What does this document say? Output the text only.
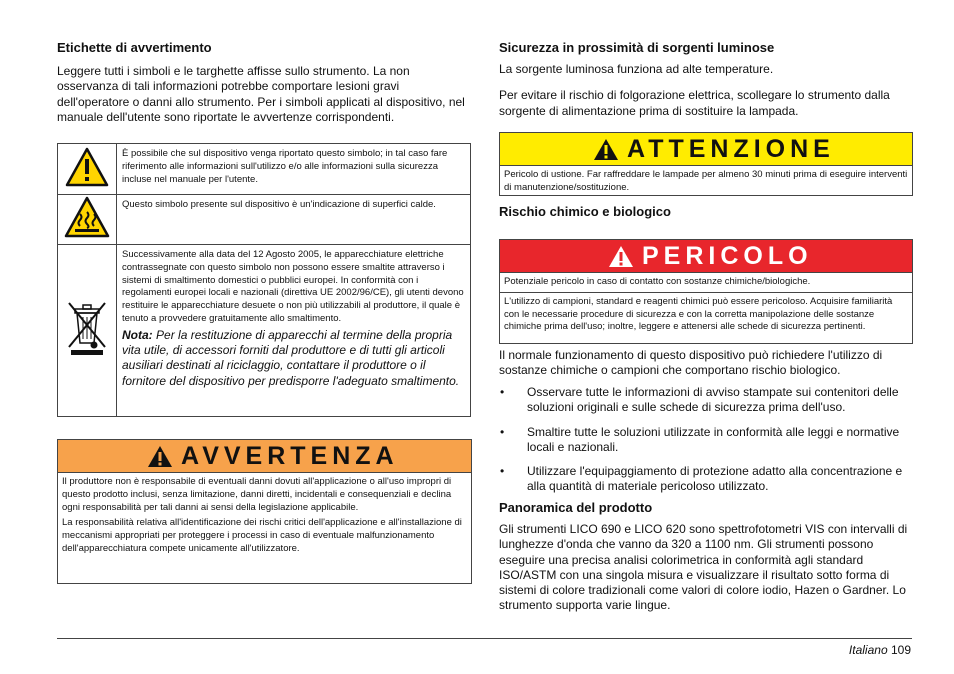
Etichette di avvertimento

Leggere tutti i simboli e le targhette affisse sullo strumento. La non osservanza di tali informazioni potrebbe comportare lesioni gravi dell'operatore o danni allo strumento. Per i simboli applicati al dispositivo, nel manuale dell'utente sono riportate le avvertenze corrispondenti.

	È possibile che sul dispositivo venga riportato questo simbolo; in tal caso fare riferimento alle informazioni sull'utilizzo e/o alle informazioni sulla sicurezza incluse nel manuale per l'utente.
	Questo simbolo presente sul dispositivo è un'indicazione di superfici calde.

Successivamente alla data del 12 Agosto 2005, le apparecchiature elettriche contrassegnate con questo simbolo non possono essere smaltite attraverso i sistemi di smaltimento domestici o pubblici europei. In conformità con i regolamenti europei locali e nazionali (direttiva UE 2002/96/CE), gli utenti devono restituire le apparecchiature desuete o non più utilizzabili al produttore, il quale è tenuto a provvedere gratuitamente allo smaltimento.
Nota: Per la restituzione di apparecchi al termine della propria vita utile, di accessori forniti dal produttore e di tutti gli articoli ausiliari destinati al riciclaggio, contattare il produttore o il fornitore del dispositivo per predisporre l'adeguato smaltimento.
AVVERTENZA
Il produttore non è responsabile di eventuali danni dovuti all'applicazione o all'uso impropri di questo prodotto inclusi, senza limitazione, danni diretti, incidentali e consequenziali e declina ogni responsabilità per tali danni ai sensi della legislazione applicabile.
La responsabilità relativa all'identificazione dei rischi critici dell'applicazione e all'installazione di meccanismi appropriati per proteggere i processi in caso di eventuale malfunzionamento dell'apparecchiatura compete unicamente all'utilizzatore.
Sicurezza in prossimità di sorgenti luminose

La sorgente luminosa funziona ad alte temperature.

Per evitare il rischio di folgorazione elettrica, scollegare lo strumento dalla sorgente di alimentazione prima di sostituire la lampada.

ATTENZIONE
Pericolo di ustione. Far raffreddare le lampade per almeno 30 minuti prima di eseguire interventi di manutenzione/sostituzione.
Rischio chimico e biologico
PERICOLO
Potenziale pericolo in caso di contatto con sostanze chimiche/biologiche.
L'utilizzo di campioni, standard e reagenti chimici può essere pericoloso. Acquisire familiarità con le necessarie procedure di sicurezza e con la corretta manipolazione delle sostanze chimiche prima dell'uso; inoltre, leggere e attenersi alle schede di sicurezza pertinenti.

Il normale funzionamento di questo dispositivo può richiedere l'utilizzo di sostanze chimiche o campioni che comportano rischio biologico.

• Osservare tutte le informazioni di avviso stampate sui contenitori delle soluzioni originali e sulle schede di sicurezza prima dell'uso.
• Smaltire tutte le soluzioni utilizzate in conformità alle leggi e normative locali e nazionali.
• Utilizzare l'equipaggiamento di protezione adatto alla concentrazione e alla quantità di materiale pericoloso utilizzato.
Panoramica del prodotto

Gli strumenti LICO 690 e LICO 620 sono spettrofotometri VIS con intervalli di lunghezze d'onda che vanno da 320 a 1100 nm. Gli strumenti possono eseguire una precisa analisi colorimetrica in conformità agli standard ISO/ASTM con una singola misura e visualizzare il risultato sotto forma di sistemi di colore tradizionali come valori di colore iodio, Hazen o Gardner. Lo strumento supporta varie lingue.

Italiano 109
